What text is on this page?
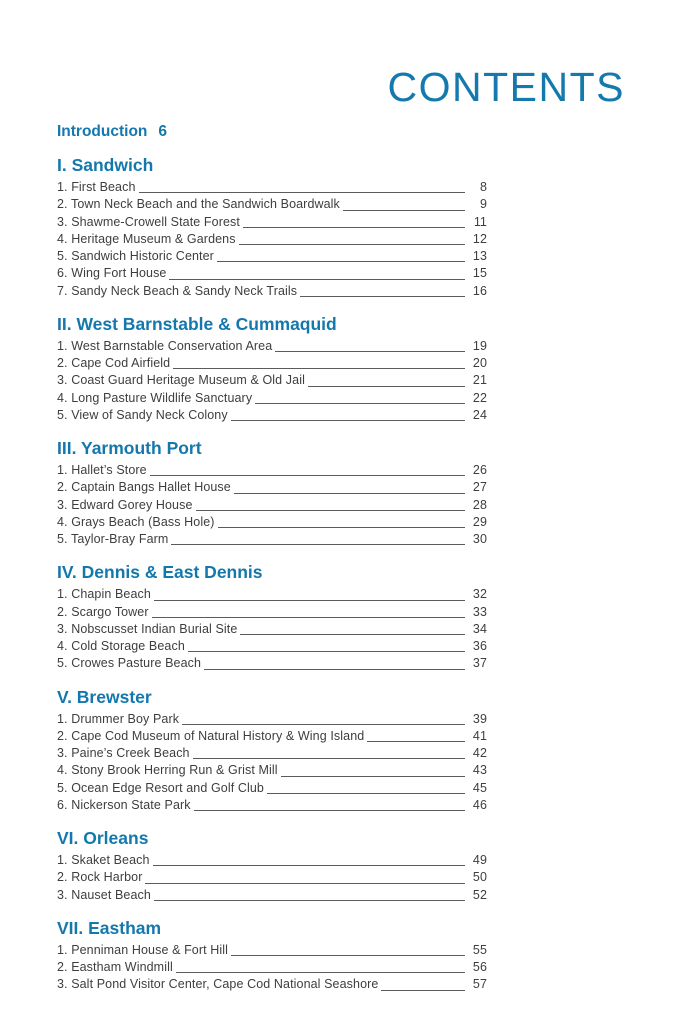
CONTENTS
Introduction 6
I. Sandwich
1. First Beach	8
2. Town Neck Beach and the Sandwich Boardwalk	9
3. Shawme-Crowell State Forest	11
4. Heritage Museum & Gardens	12
5. Sandwich Historic Center	13
6. Wing Fort House	15
7. Sandy Neck Beach & Sandy Neck Trails	16
II. West Barnstable & Cummaquid
1. West Barnstable Conservation Area	19
2. Cape Cod Airfield	20
3. Coast Guard Heritage Museum & Old Jail	21
4. Long Pasture Wildlife Sanctuary	22
5. View of Sandy Neck Colony	24
III. Yarmouth Port
1. Hallet’s Store	26
2. Captain Bangs Hallet House	27
3. Edward Gorey House	28
4. Grays Beach (Bass Hole)	29
5. Taylor-Bray Farm	30
IV. Dennis & East Dennis
1. Chapin Beach	32
2. Scargo Tower	33
3. Nobscusset Indian Burial Site	34
4. Cold Storage Beach	36
5. Crowes Pasture Beach	37
V. Brewster
1. Drummer Boy Park	39
2. Cape Cod Museum of Natural History & Wing Island	41
3. Paine’s Creek Beach	42
4. Stony Brook Herring Run & Grist Mill	43
5. Ocean Edge Resort and Golf Club	45
6. Nickerson State Park	46
VI. Orleans
1. Skaket Beach	49
2. Rock Harbor	50
3. Nauset Beach	52
VII. Eastham
1. Penniman House & Fort Hill	55
2. Eastham Windmill	56
3. Salt Pond Visitor Center, Cape Cod National Seashore	57
